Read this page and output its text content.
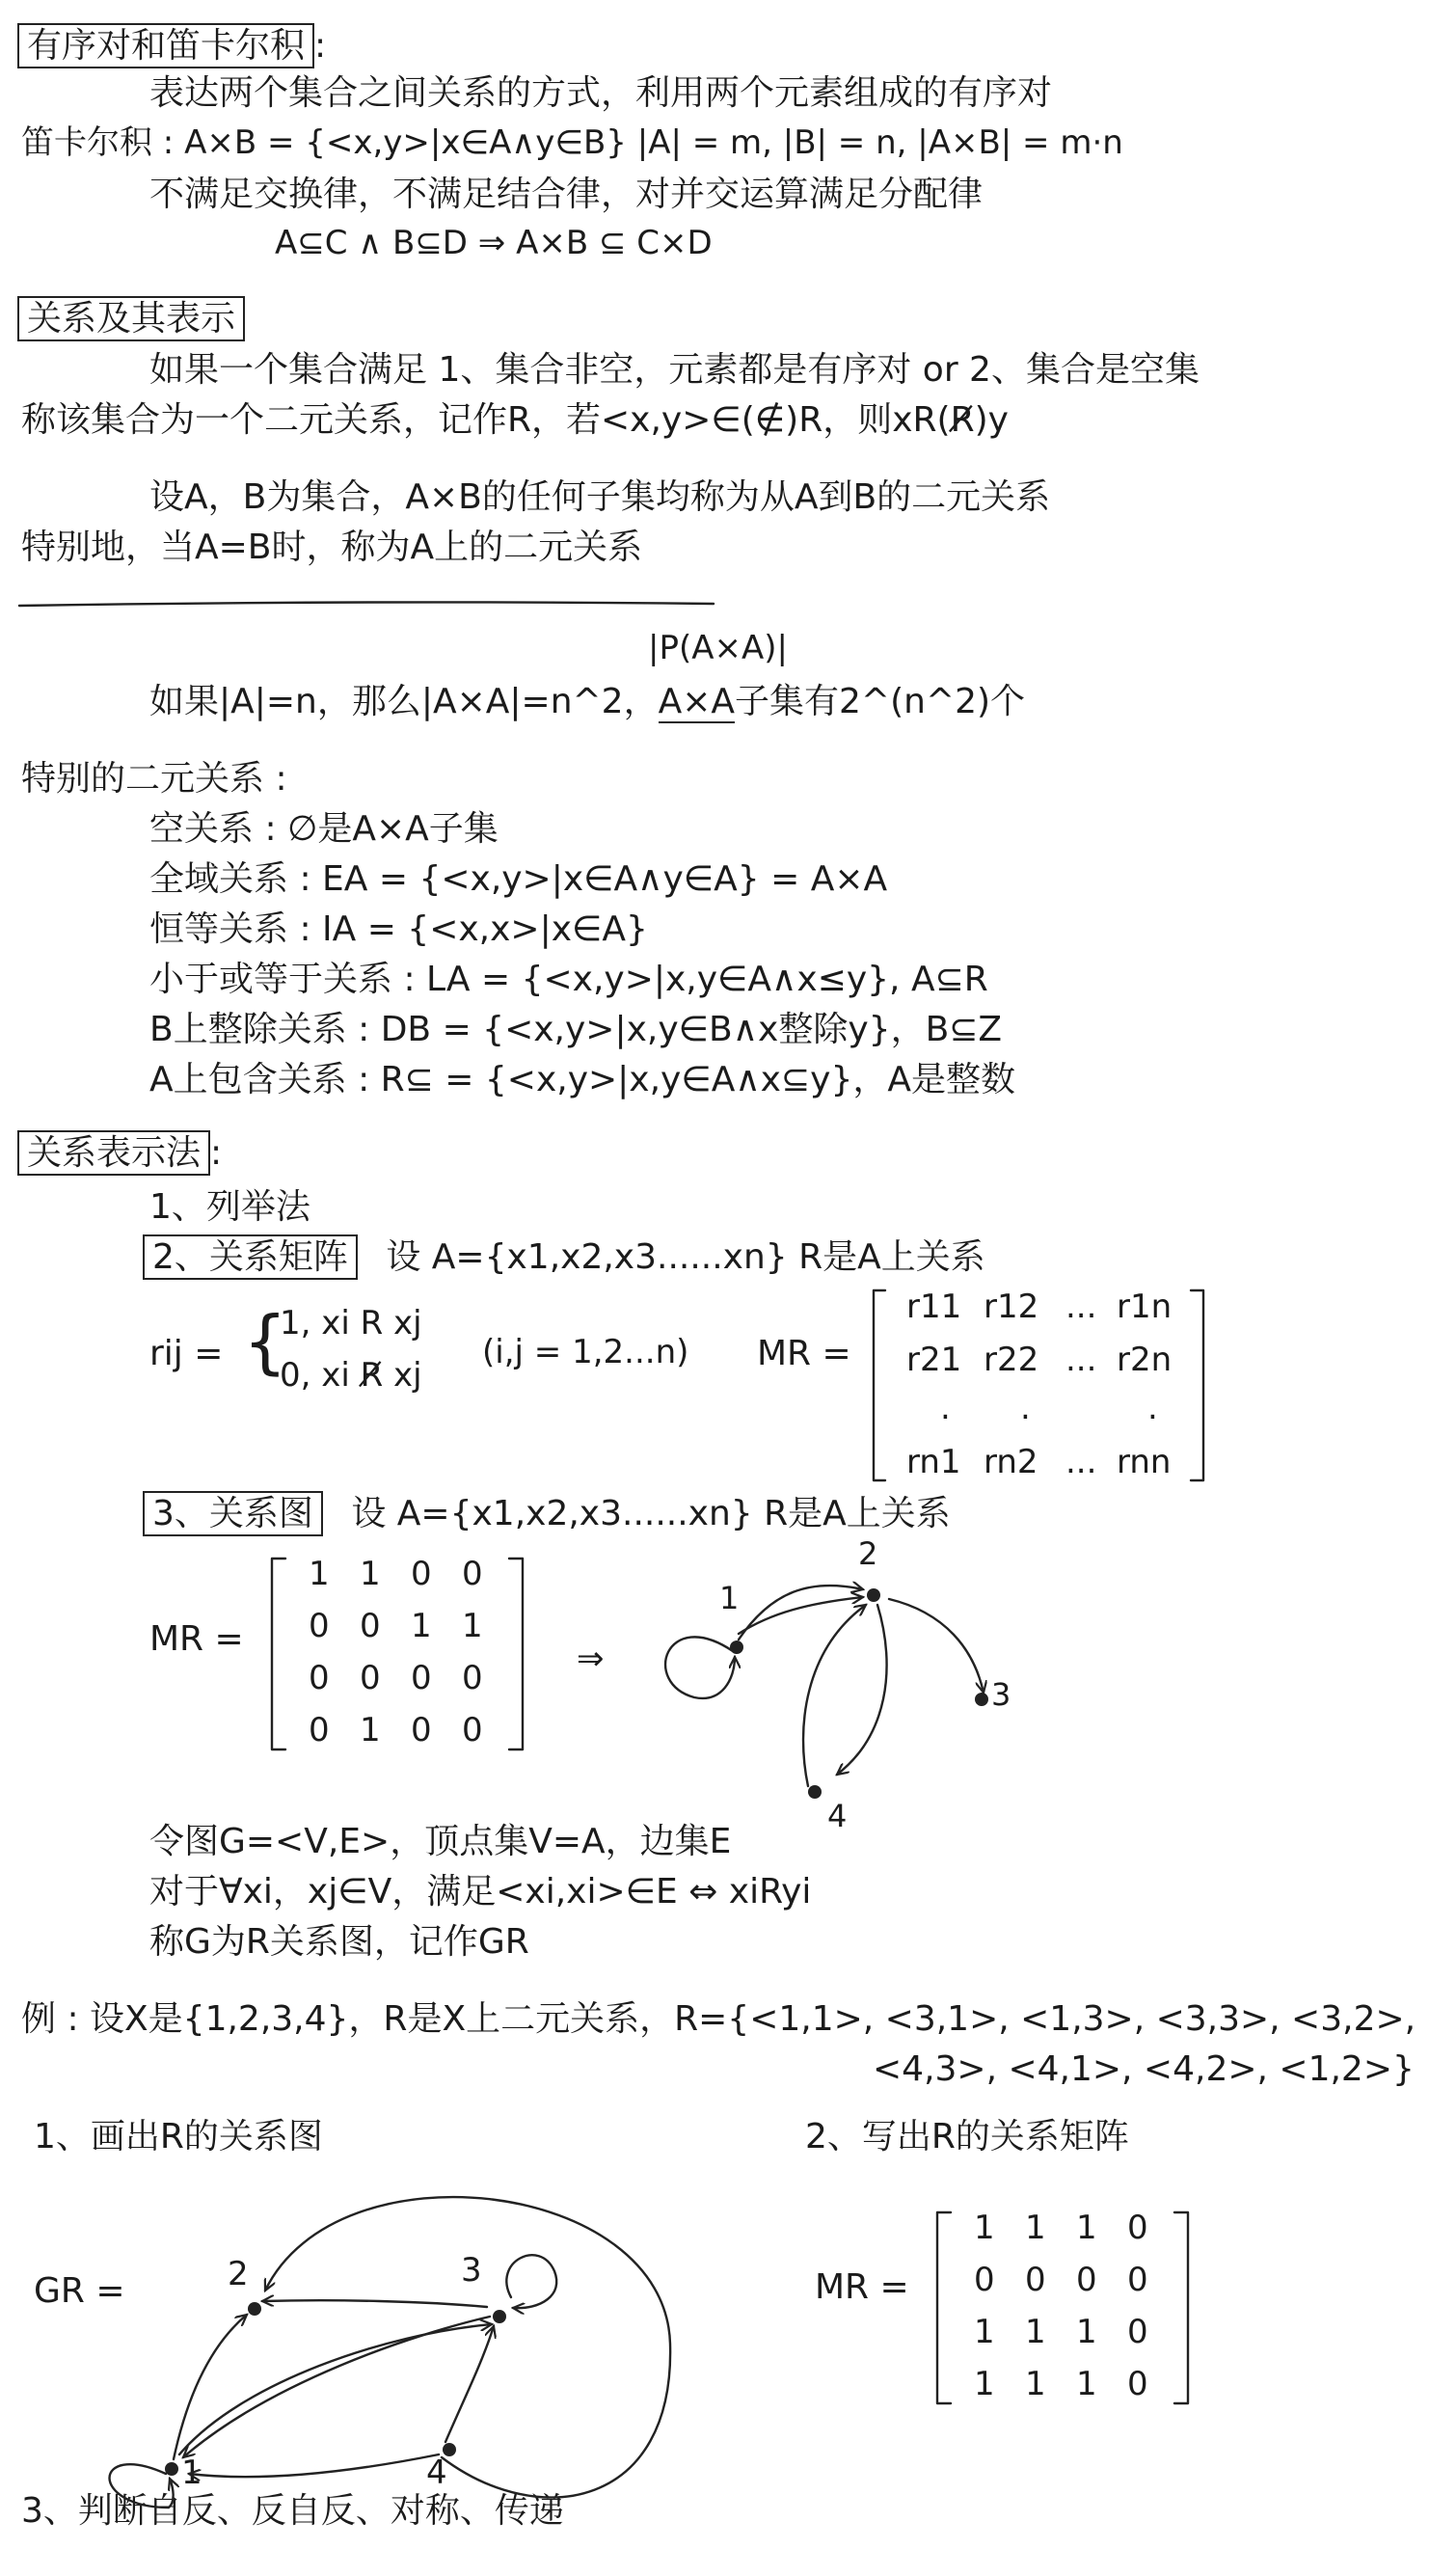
有序对和笛卡尔积 :
表达两个集合之间关系的方式，利用两个元素组成的有序对
笛卡尔积 : A×B = {<x,y>|x∈A∧y∈B} |A| = m, |B| = n, |A×B| = m·n
不满足交换律，不满足结合律，对并交运算满足分配律
A⊆C ∧ B⊆D ⇒ A×B ⊆ C×D
关系及其表示
如果一个集合满足 1、集合非空，元素都是有序对 or 2、集合是空集
称该集合为一个二元关系，记作R，若<x,y>∈(∉)R，则xR(R̸)y
设A，B为集合，A×B的任何子集均称为从A到B的二元关系
特别地，当A=B时，称为A上的二元关系
|P(A×A)|
如果|A|=n，那么|A×A|=n^2，A×A子集有2^(n^2)个
特别的二元关系 :
空关系 : ∅是A×A子集
全域关系 : EA = {<x,y>|x∈A∧y∈A} = A×A
恒等关系 : IA = {<x,x>|x∈A}
小于或等于关系 : LA = {<x,y>|x,y∈A∧x≤y}, A⊆R
B上整除关系 : DB = {<x,y>|x,y∈B∧x整除y}，B⊆Z
A上包含关系 : R⊆ = {<x,y>|x,y∈A∧x⊆y}，A是整数
关系表示法 :
1、列举法
2、关系矩阵 设 A={x1,x2,x3......xn} R是A上关系
rij = {
1, xi R xj
0, xi R̸ xj
(i,j = 1,2...n) MR =
r11 r12 ... r1n
r21 r22 ... r2n
. .	.
rn1 rn2 ... rnn
3、关系图 设 A={x1,x2,x3......xn} R是A上关系
MR =
1 1 0 0
0 0 1 1
0 0 0 0
0 1 0 0
⇒
1
2
3
4
令图G=<V,E>，顶点集V=A，边集E
对于∀xi，xj∈V，满足<xi,xi>∈E ⇔ xiRyi
称G为R关系图，记作GR
例 : 设X是{1,2,3,4}，R是X上二元关系，R={<1,1>, <3,1>, <1,3>, <3,3>, <3,2>,
<4,3>, <4,1>, <4,2>, <1,2>}
1、画出R的关系图	2、写出R的关系矩阵
GR =	2	3
1	4
MR =
1 1 1 0
0 0 0 0
1 1 1 0
1 1 1 0
3、判断自反、反自反、对称、传递
